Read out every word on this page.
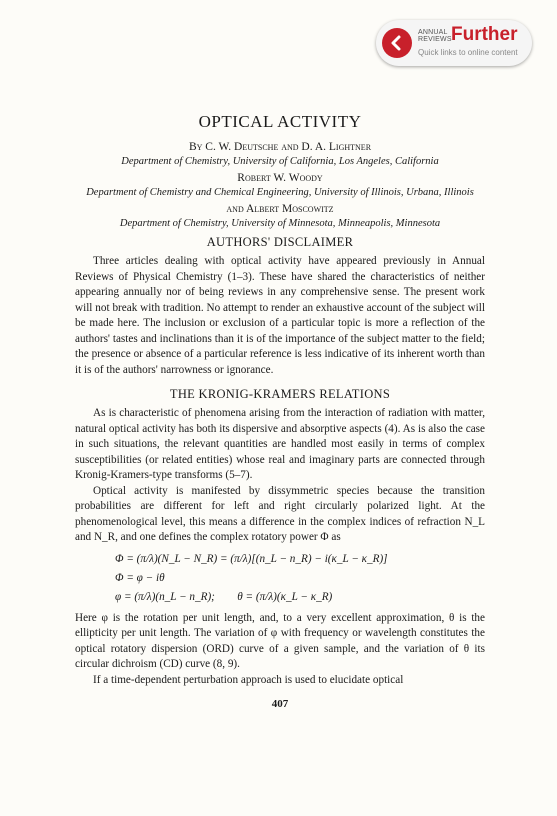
ANNUAL
REVIEWS Further
Quick links to online content
OPTICAL ACTIVITY
By C. W. Deutsche and D. A. Lightner
Department of Chemistry, University of California, Los Angeles, California
Robert W. Woody
Department of Chemistry and Chemical Engineering, University of Illinois, Urbana, Illinois
and Albert Moscowitz
Department of Chemistry, University of Minnesota, Minneapolis, Minnesota
AUTHORS' DISCLAIMER

Three articles dealing with optical activity have appeared previously in Annual Reviews of Physical Chemistry (1–3). These have shared the characteristics of neither appearing annually nor of being reviews in any comprehensive sense. The present work will not break with tradition. No attempt to render an exhaustive account of the subject will be made here. The inclusion or exclusion of a particular topic is more a reflection of the authors' tastes and inclinations than it is of the importance of the subject matter to the field; the presence or absence of a particular reference is less indicative of its inherent worth than it is of the authors' narrowness or ignorance.

THE KRONIG-KRAMERS RELATIONS

As is characteristic of phenomena arising from the interaction of radiation with matter, natural optical activity has both its dispersive and absorptive aspects (4). As is also the case in such situations, the relevant quantities are handled most easily in terms of complex susceptibilities (or related entities) whose real and imaginary parts are connected through Kronig-Kramers-type transforms (5–7).

Optical activity is manifested by dissymmetric species because the transition probabilities are different for left and right circularly polarized light. At the phenomenological level, this means a difference in the complex indices of refraction N_L and N_R, and one defines the complex rotatory power Φ as

Φ = (π/λ)(N_L − N_R) = (π/λ)[(n_L − n_R) − i(κ_L − κ_R)]
Φ = φ − iθ
φ = (π/λ)(n_L − n_R);        θ = (π/λ)(κ_L − κ_R)

Here φ is the rotation per unit length, and, to a very excellent approximation, θ is the ellipticity per unit length. The variation of φ with frequency or wavelength constitutes the optical rotatory dispersion (ORD) curve of a given sample, and the variation of θ its circular dichroism (CD) curve (8, 9).

If a time-dependent perturbation approach is used to elucidate optical

407
